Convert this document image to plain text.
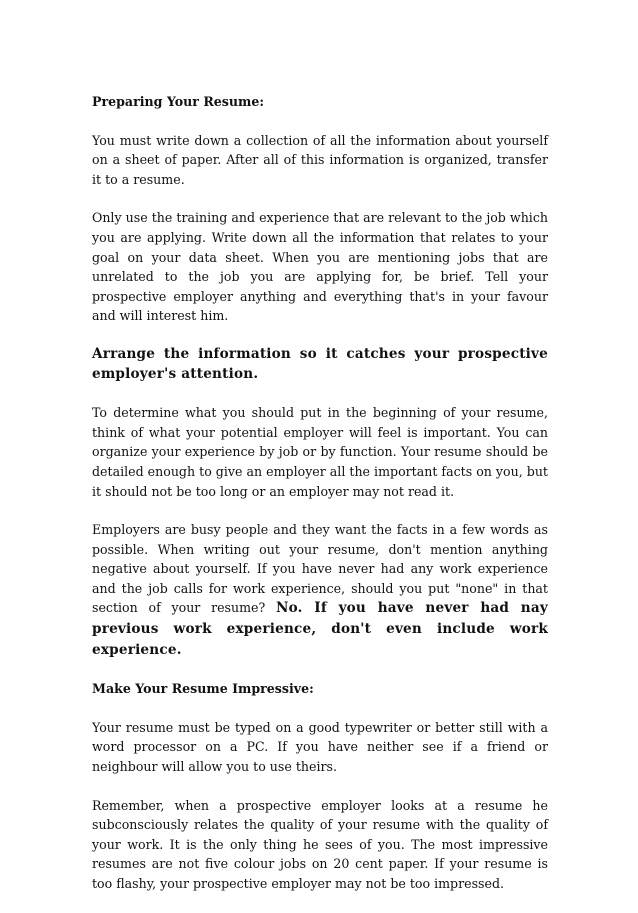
Preparing Your Resume:

You must write down a collection of all the information about yourself on a sheet of paper. After all of this information is organized, transfer it to a resume.

Only use the training and experience that are relevant to the job which you are applying. Write down all the information that relates to your goal on your data sheet. When you are mentioning jobs that are unrelated to the job you are applying for, be brief. Tell your prospective employer anything and everything that's in your favour and will interest him.

Arrange the information so it catches your prospective employer's attention.

To determine what you should put in the beginning of your resume, think of what your potential employer will feel is important. You can organize your experience by job or by function. Your resume should be detailed enough to give an employer all the important facts on you, but it should not be too long or an employer may not read it.

Employers are busy people and they want the facts in a few words as possible. When writing out your resume, don't mention anything negative about yourself. If you have never had any work experience and the job calls for work experience, should you put "none" in that section of your resume? No. If you have never had nay previous work experience, don't even include work experience.

Make Your Resume Impressive:

Your resume must be typed on a good typewriter or better still with a word processor on a PC. If you have neither see if a friend or neighbour will allow you to use theirs.

Remember, when a prospective employer looks at a resume he subconsciously relates the quality of your resume with the quality of your work. It is the only thing he sees of you. The most impressive resumes are not five colour jobs on 20 cent paper. If your resume is too flashy, your prospective employer may not be too impressed.
